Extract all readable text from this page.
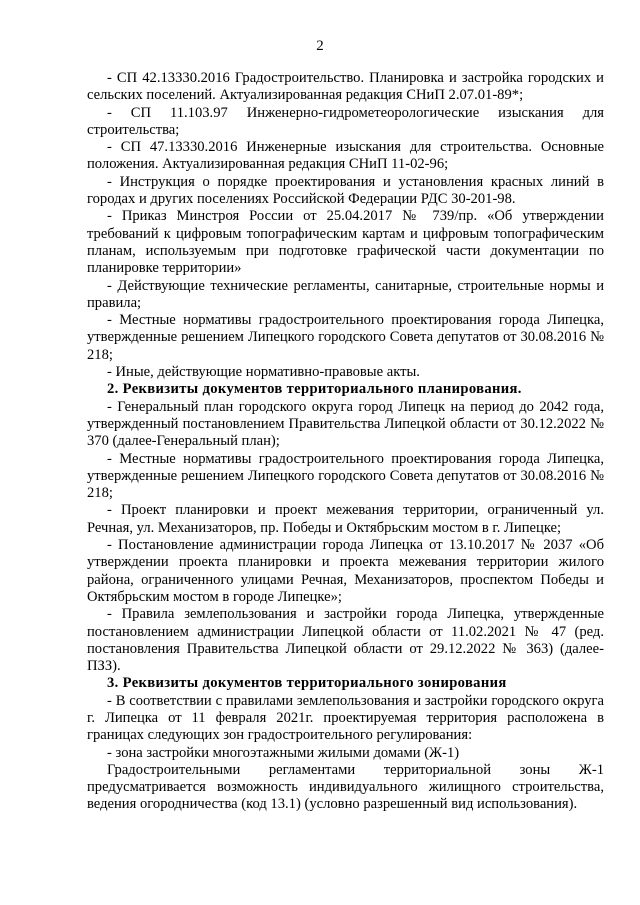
2

- СП 42.13330.2016 Градостроительство. Планировка и застройка городских и сельских поселений. Актуализированная редакция СНиП 2.07.01-89*;

- СП 11.103.97 Инженерно-гидрометеорологические изыскания для строительства;

- СП 47.13330.2016 Инженерные изыскания для строительства. Основные положения. Актуализированная редакция СНиП 11-02-96;

- Инструкция о порядке проектирования и установления красных линий в городах и других поселениях Российской Федерации РДС 30-201-98.

- Приказ Минстроя России от 25.04.2017 № 739/пр. «Об утверждении требований к цифровым топографическим картам и цифровым топографическим планам, используемым при подготовке графической части документации по планировке территории»

- Действующие технические регламенты, санитарные, строительные нормы и правила;

- Местные нормативы градостроительного проектирования города Липецка, утвержденные решением Липецкого городского Совета депутатов от 30.08.2016 № 218;

- Иные, действующие нормативно-правовые акты.

2. Реквизиты документов территориального планирования.

- Генеральный план городского округа город Липецк на период до 2042 года, утвержденный постановлением Правительства Липецкой области от 30.12.2022 № 370 (далее-Генеральный план);

- Местные нормативы градостроительного проектирования города Липецка, утвержденные решением Липецкого городского Совета депутатов от 30.08.2016 № 218;

- Проект планировки и проект межевания территории, ограниченный ул. Речная, ул. Механизаторов, пр. Победы и Октябрьским мостом в г. Липецке;

- Постановление администрации города Липецка от 13.10.2017 № 2037 «Об утверждении проекта планировки и проекта межевания территории жилого района, ограниченного улицами Речная, Механизаторов, проспектом Победы и Октябрьским мостом в городе Липецке»;

- Правила землепользования и застройки города Липецка, утвержденные постановлением администрации Липецкой области от 11.02.2021 № 47 (ред. постановления Правительства Липецкой области от 29.12.2022 № 363) (далее-ПЗЗ).

3. Реквизиты документов территориального зонирования

- В соответствии с правилами землепользования и застройки городского округа г. Липецка от 11 февраля 2021г. проектируемая территория расположена в границах следующих зон градостроительного регулирования:

- зона застройки многоэтажными жилыми домами (Ж-1)

Градостроительными регламентами территориальной зоны Ж-1 предусматривается возможность индивидуального жилищного строительства, ведения огородничества (код 13.1) (условно разрешенный вид использования).
